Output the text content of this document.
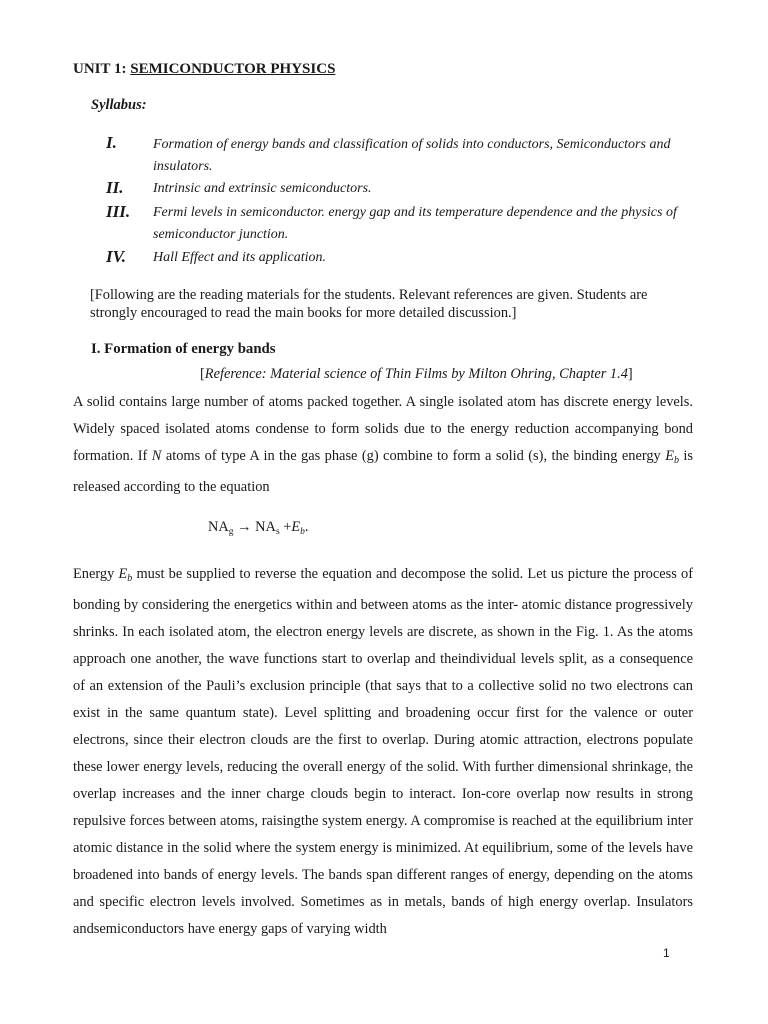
UNIT 1: SEMICONDUCTOR PHYSICS
Syllabus:
I.	Formation of energy bands and classification of solids into conductors, Semiconductors and insulators.
II. Intrinsic and extrinsic semiconductors.
III. Fermi levels in semiconductor. energy gap and its temperature dependence and the physics of semiconductor junction.
IV. Hall Effect and its application.
[Following are the reading materials for the students. Relevant references are given. Students are strongly encouraged to read the main books for more detailed discussion.]
I. Formation of energy bands
[Reference: Material science of Thin Films by Milton Ohring, Chapter 1.4]
A solid contains large number of atoms packed together. A single isolated atom has discrete energy levels. Widely spaced isolated atoms condense to form solids due to the energy reduction accompanying bond formation. If N atoms of type A in the gas phase (g) combine to form a solid (s), the binding energy $E_b$ is released according to the equation
$NA_g \to NA_s +E_b$.
Energy $E_b$ must be supplied to reverse the equation and decompose the solid. Let us picture the process of bonding by considering the energetics within and between atoms as the inter- atomic distance progressively shrinks. In each isolated atom, the electron energy levels are discrete, as shown in the Fig. 1. As the atoms approach one another, the wave functions start to overlap and theindividual levels split, as a consequence of an extension of the Pauli’s exclusion principle (that says that to a collective solid no two electrons can exist in the same quantum state). Level splitting and broadening occur first for the valence or outer electrons, since their electron clouds are the first to overlap. During atomic attraction, electrons populate these lower energy levels, reducing the overall energy of the solid. With further dimensional shrinkage, the overlap increases and the inner charge clouds begin to interact. Ion-core overlap now results in strong repulsive forces between atoms, raisingthe system energy. A compromise is reached at the equilibrium inter atomic distance in the solid where the system energy is minimized. At equilibrium, some of the levels have broadened into bands of energy levels. The bands span different ranges of energy, depending on the atoms and specific electron levels involved. Sometimes as in metals, bands of high energy overlap. Insulators andsemiconductors have energy gaps of varying width
1
